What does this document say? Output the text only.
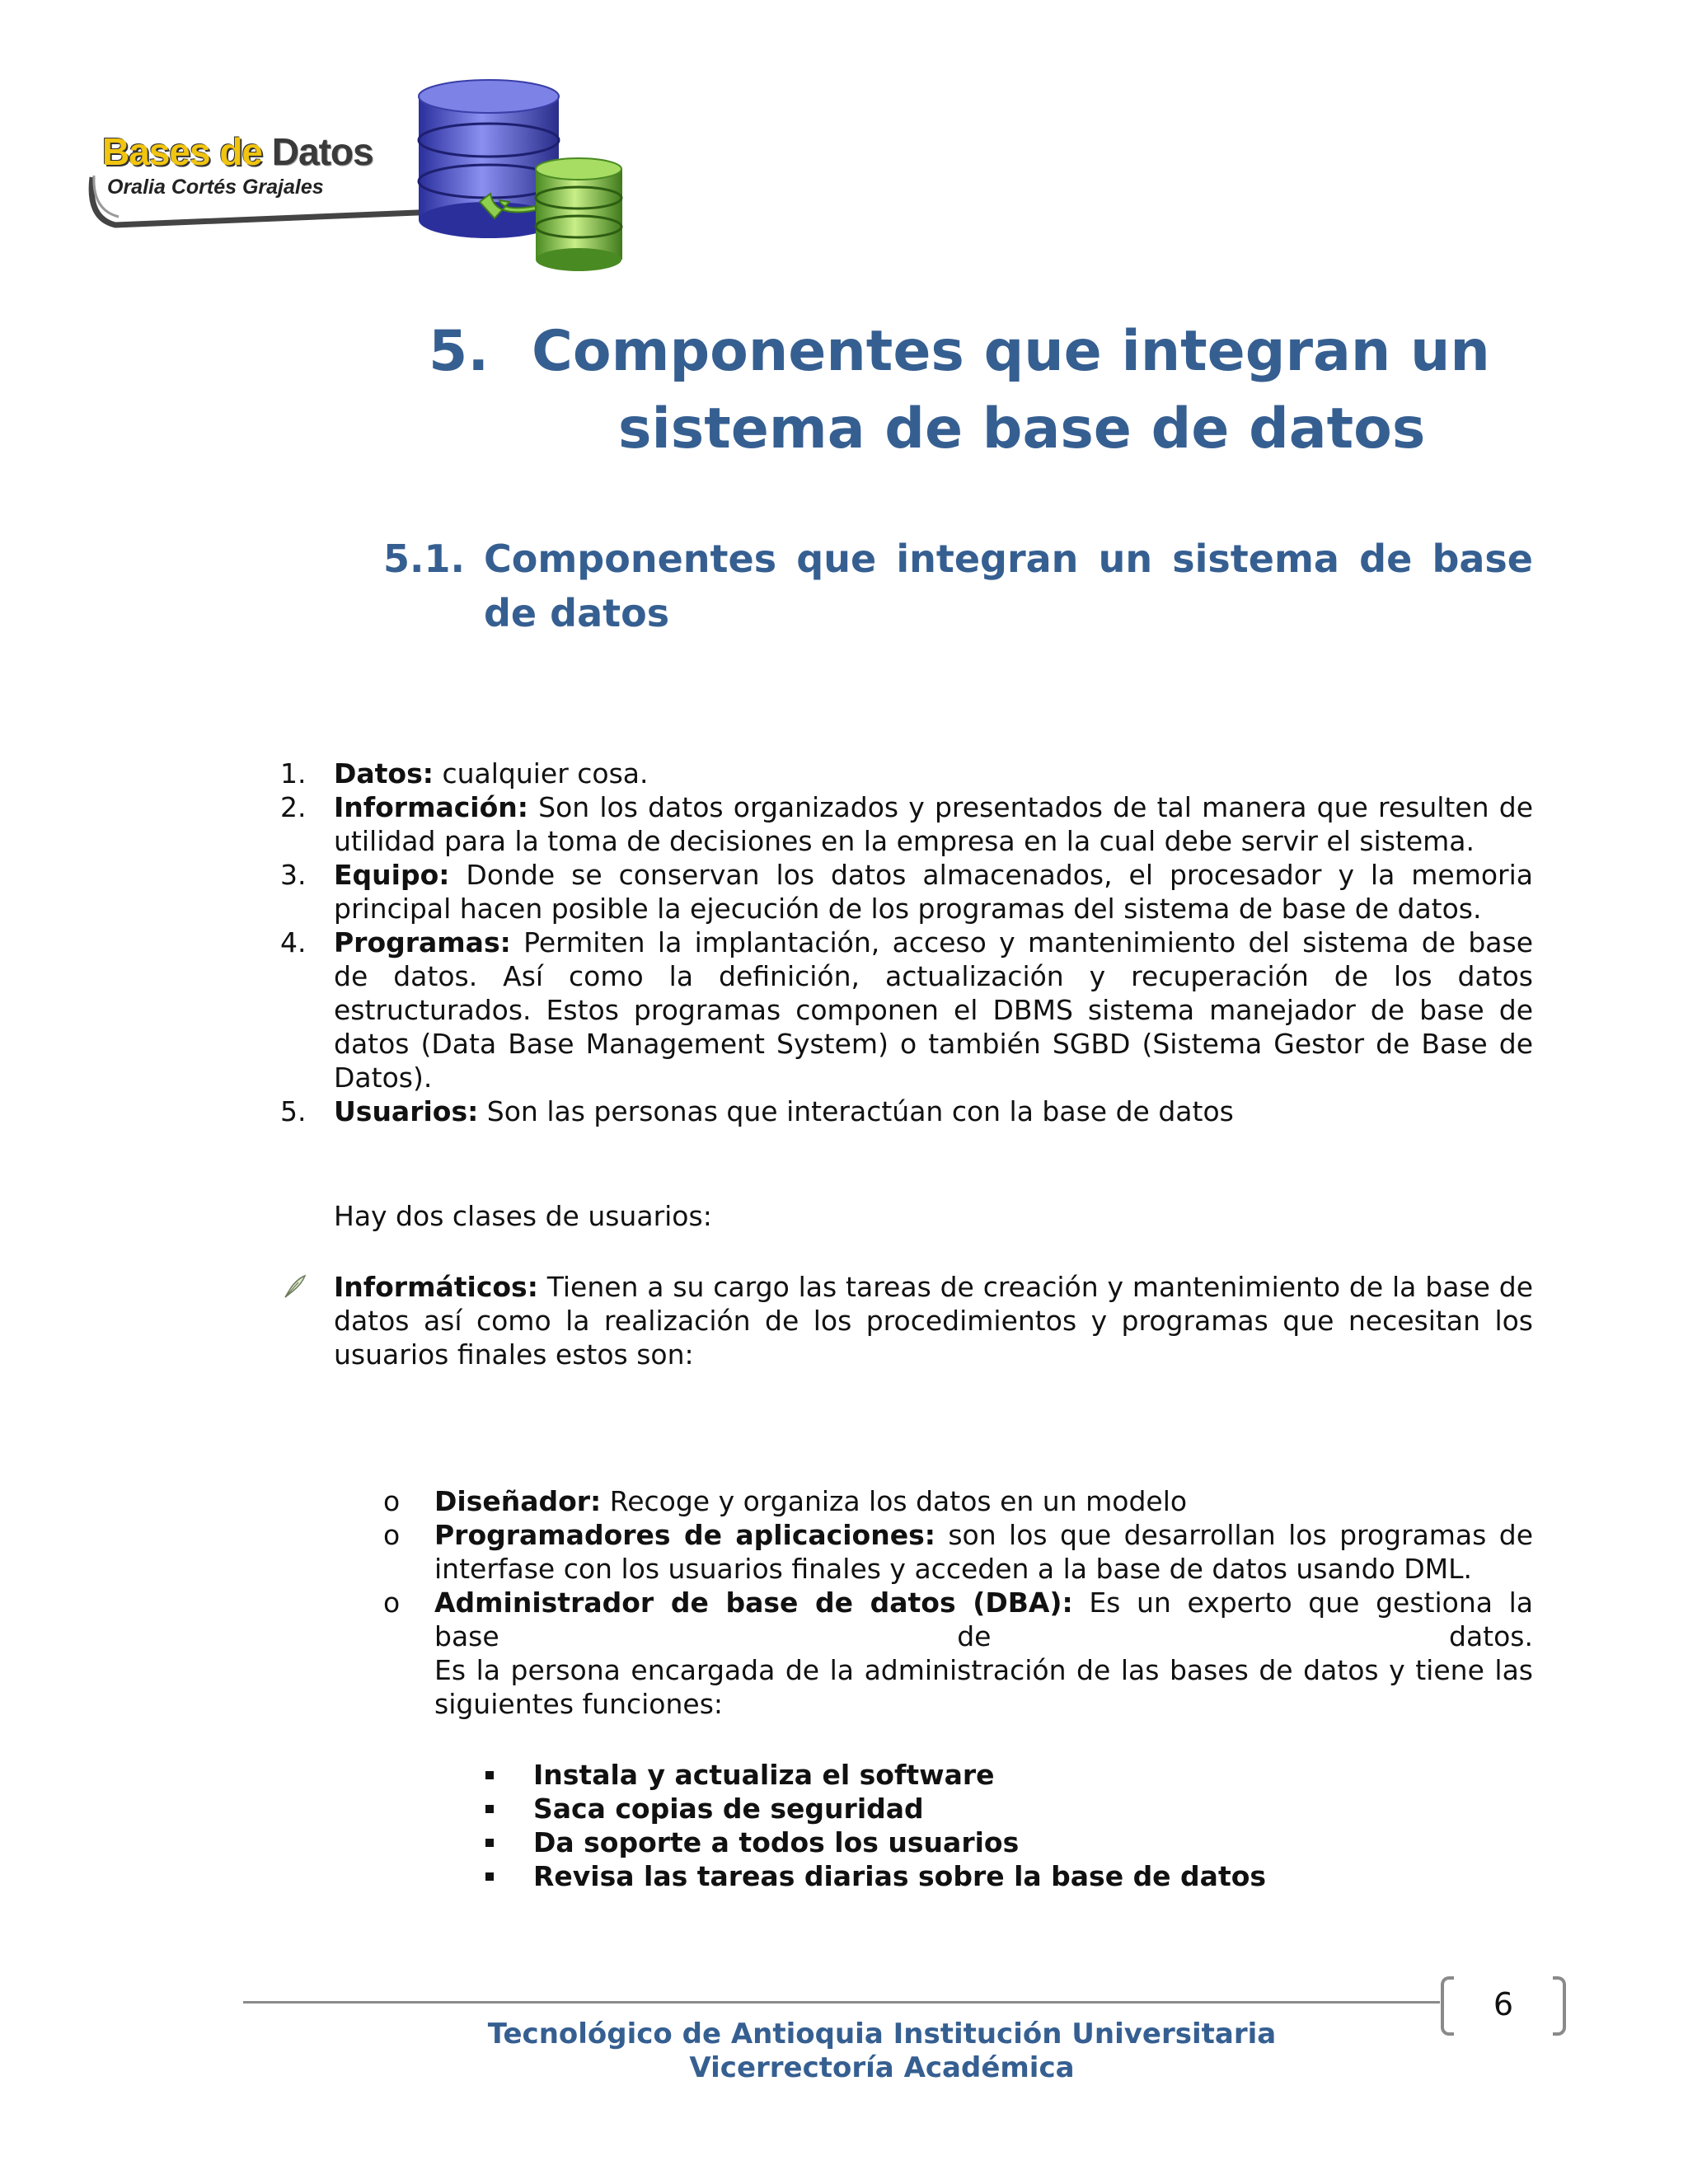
Bases de Datos
Oralia Cortés Grajales
5. Componentes que integran un
sistema de base de datos
5.1. Componentes que integran un sistema de base de datos
1. Datos: cualquier cosa.
2. Información: Son los datos organizados y presentados de tal manera que resulten de utilidad para la toma de decisiones en la empresa en la cual debe servir el sistema.
3. Equipo: Donde se conservan los datos almacenados, el procesador y la memoria principal hacen posible la ejecución de los programas del sistema de base de datos.
4. Programas: Permiten la implantación, acceso y mantenimiento del sistema de base de datos. Así como la definición, actualización y recuperación de los datos estructurados. Estos programas componen el DBMS sistema manejador de base de datos (Data Base Management System) o también SGBD (Sistema Gestor de Base de Datos).
5. Usuarios: Son las personas que interactúan con la base de datos
Hay dos clases de usuarios:
Informáticos: Tienen a su cargo las tareas de creación y mantenimiento de la base de datos así como la realización de los procedimientos y programas que necesitan los usuarios finales estos son:
o Diseñador: Recoge y organiza los datos en un modelo
o Programadores de aplicaciones: son los que desarrollan los programas de interfase con los usuarios finales y acceden a la base de datos usando DML.
o Administrador de base de datos (DBA): Es un experto que gestiona la
base de datos.
Es la persona encargada de la administración de las bases de datos y tiene las siguientes funciones:
Instala y actualiza el software
Saca copias de seguridad
Da soporte a todos los usuarios
Revisa las tareas diarias sobre la base de datos
6
Tecnológico de Antioquia Institución Universitaria
Vicerrectoría Académica
